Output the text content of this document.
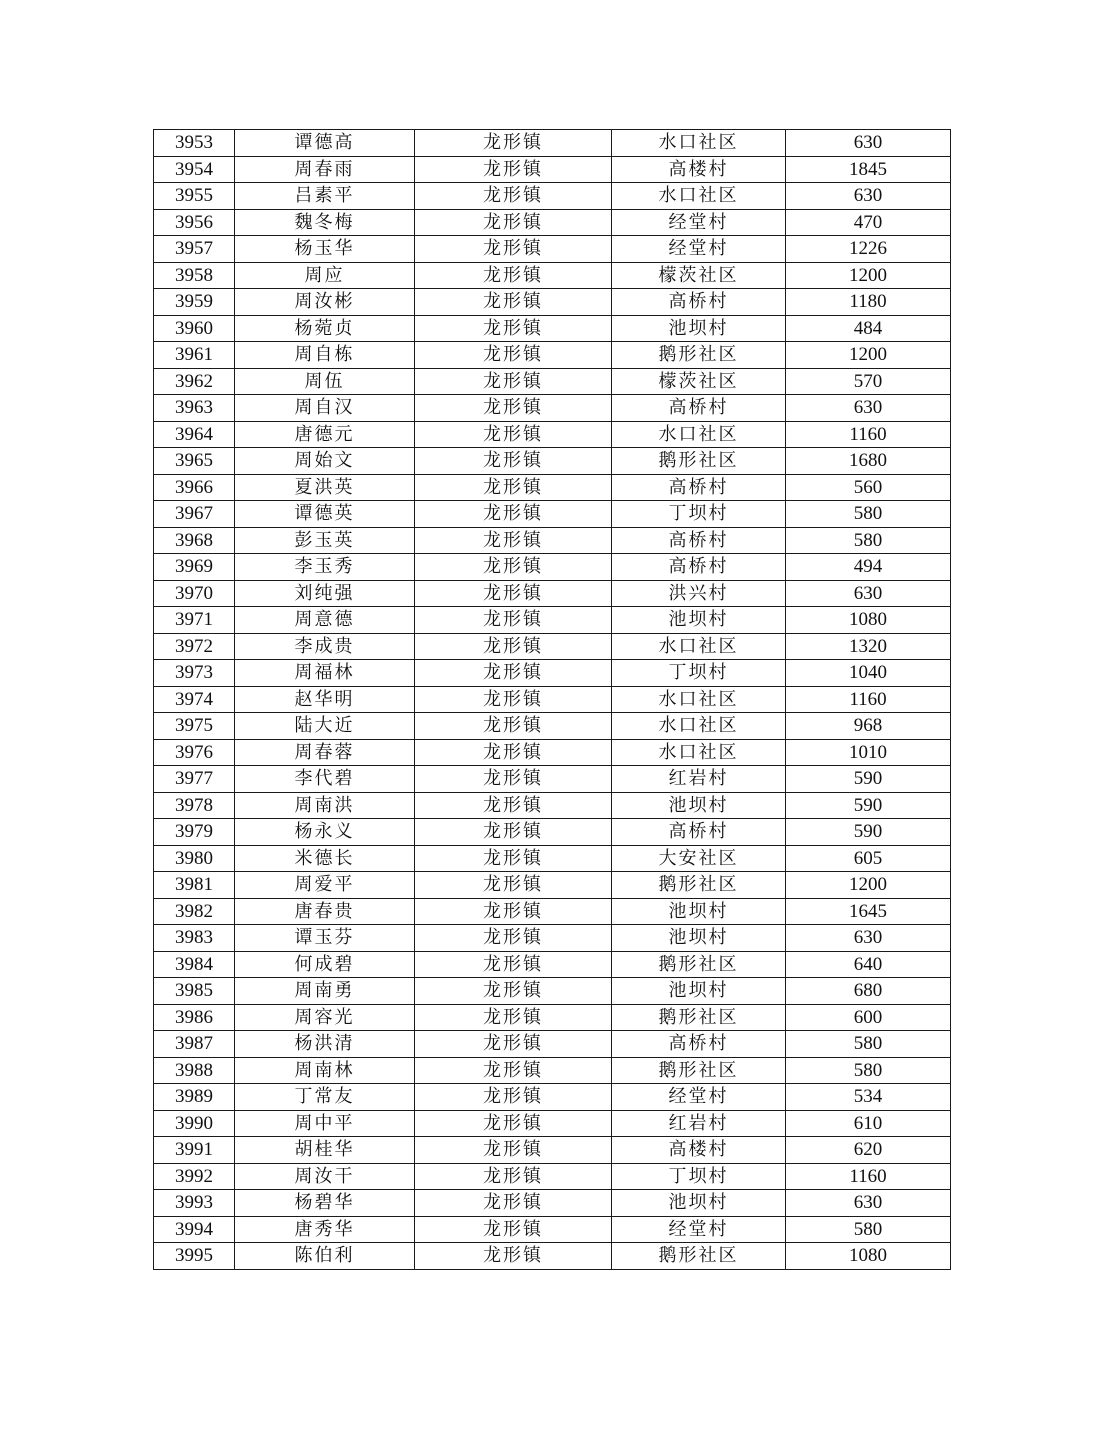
3953	谭德高	龙形镇	水口社区	630
3954	周春雨	龙形镇	高楼村	1845
3955	吕素平	龙形镇	水口社区	630
3956	魏冬梅	龙形镇	经堂村	470
3957	杨玉华	龙形镇	经堂村	1226
3958	周应	龙形镇	檬茨社区	1200
3959	周汝彬	龙形镇	高桥村	1180
3960	杨菀贞	龙形镇	池坝村	484
3961	周自栋	龙形镇	鹅形社区	1200
3962	周伍	龙形镇	檬茨社区	570
3963	周自汉	龙形镇	高桥村	630
3964	唐德元	龙形镇	水口社区	1160
3965	周始文	龙形镇	鹅形社区	1680
3966	夏洪英	龙形镇	高桥村	560
3967	谭德英	龙形镇	丁坝村	580
3968	彭玉英	龙形镇	高桥村	580
3969	李玉秀	龙形镇	高桥村	494
3970	刘纯强	龙形镇	洪兴村	630
3971	周意德	龙形镇	池坝村	1080
3972	李成贵	龙形镇	水口社区	1320
3973	周福林	龙形镇	丁坝村	1040
3974	赵华明	龙形镇	水口社区	1160
3975	陆大近	龙形镇	水口社区	968
3976	周春蓉	龙形镇	水口社区	1010
3977	李代碧	龙形镇	红岩村	590
3978	周南洪	龙形镇	池坝村	590
3979	杨永义	龙形镇	高桥村	590
3980	米德长	龙形镇	大安社区	605
3981	周爱平	龙形镇	鹅形社区	1200
3982	唐春贵	龙形镇	池坝村	1645
3983	谭玉芬	龙形镇	池坝村	630
3984	何成碧	龙形镇	鹅形社区	640
3985	周南勇	龙形镇	池坝村	680
3986	周容光	龙形镇	鹅形社区	600
3987	杨洪清	龙形镇	高桥村	580
3988	周南林	龙形镇	鹅形社区	580
3989	丁常友	龙形镇	经堂村	534
3990	周中平	龙形镇	红岩村	610
3991	胡桂华	龙形镇	高楼村	620
3992	周汝干	龙形镇	丁坝村	1160
3993	杨碧华	龙形镇	池坝村	630
3994	唐秀华	龙形镇	经堂村	580
3995	陈伯利	龙形镇	鹅形社区	1080
